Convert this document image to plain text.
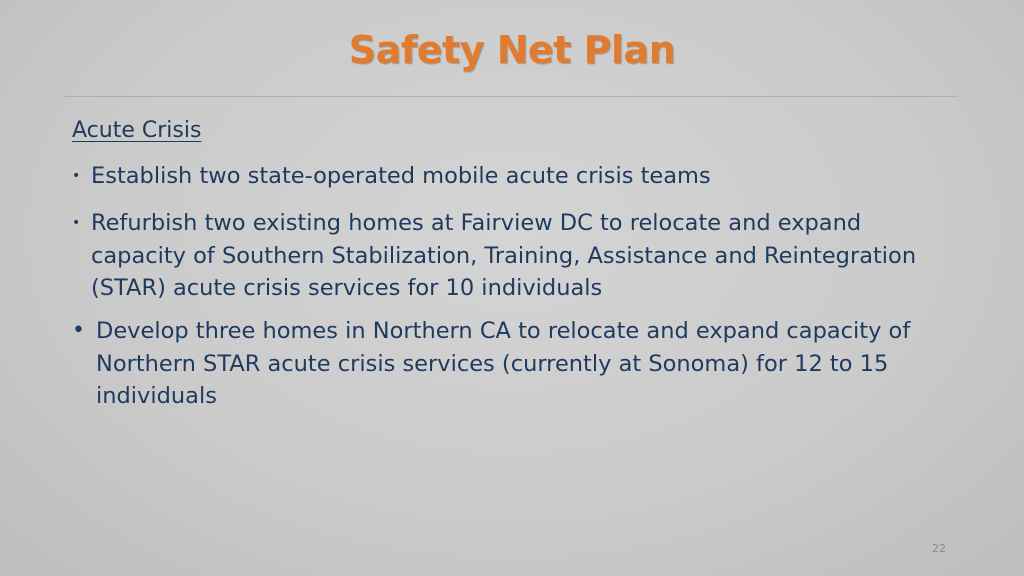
Safety Net Plan
Acute Crisis
• Establish two state-operated mobile acute crisis teams
• Refurbish two existing homes at Fairview DC to relocate and expand capacity of Southern Stabilization, Training, Assistance and Reintegration (STAR) acute crisis services for 10 individuals
• Develop three homes in Northern CA to relocate and expand capacity of Northern STAR acute crisis services (currently at Sonoma) for 12 to 15 individuals
22
